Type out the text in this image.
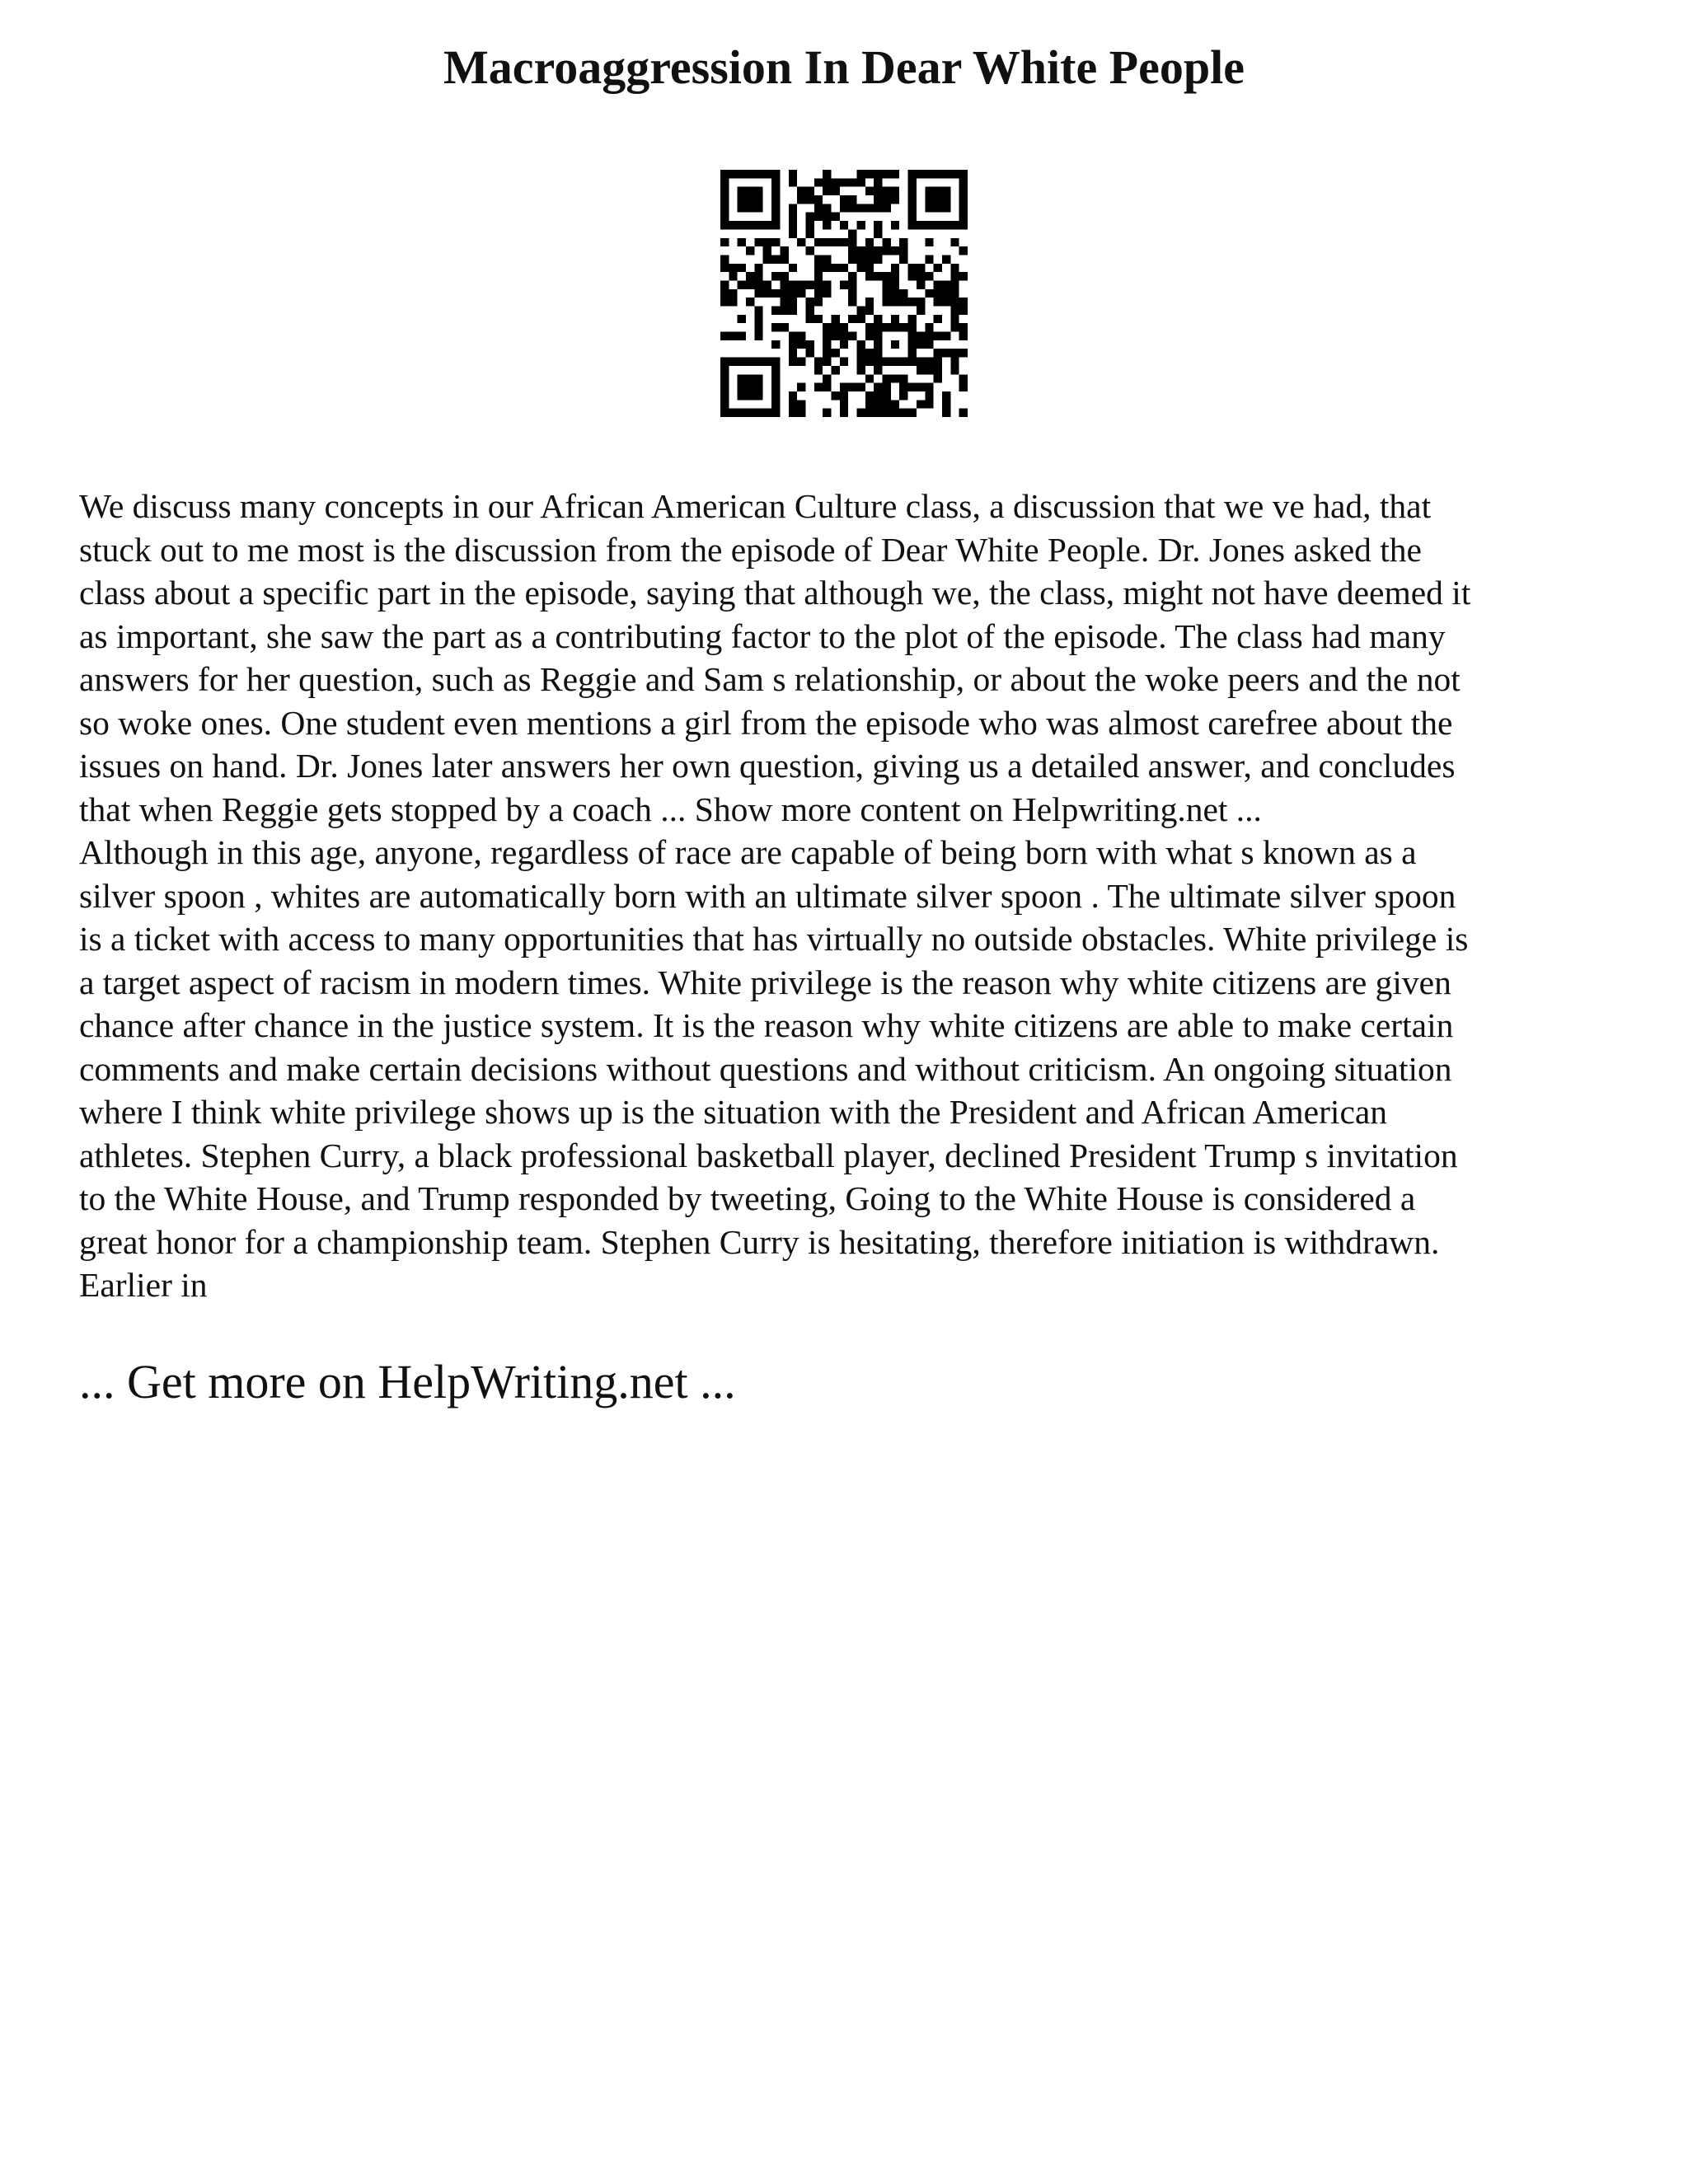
Macroaggression In Dear White People

We discuss many concepts in our African American Culture class, a discussion that we ve had, that
stuck out to me most is the discussion from the episode of Dear White People. Dr. Jones asked the
class about a specific part in the episode, saying that although we, the class, might not have deemed it
as important, she saw the part as a contributing factor to the plot of the episode. The class had many
answers for her question, such as Reggie and Sam s relationship, or about the woke peers and the not
so woke ones. One student even mentions a girl from the episode who was almost carefree about the
issues on hand. Dr. Jones later answers her own question, giving us a detailed answer, and concludes
that when Reggie gets stopped by a coach ... Show more content on Helpwriting.net ...
Although in this age, anyone, regardless of race are capable of being born with what s known as a
silver spoon , whites are automatically born with an ultimate silver spoon . The ultimate silver spoon
is a ticket with access to many opportunities that has virtually no outside obstacles. White privilege is
a target aspect of racism in modern times. White privilege is the reason why white citizens are given
chance after chance in the justice system. It is the reason why white citizens are able to make certain
comments and make certain decisions without questions and without criticism. An ongoing situation
where I think white privilege shows up is the situation with the President and African American
athletes. Stephen Curry, a black professional basketball player, declined President Trump s invitation
to the White House, and Trump responded by tweeting, Going to the White House is considered a
great honor for a championship team. Stephen Curry is hesitating, therefore initiation is withdrawn.
Earlier in

... Get more on HelpWriting.net ...
